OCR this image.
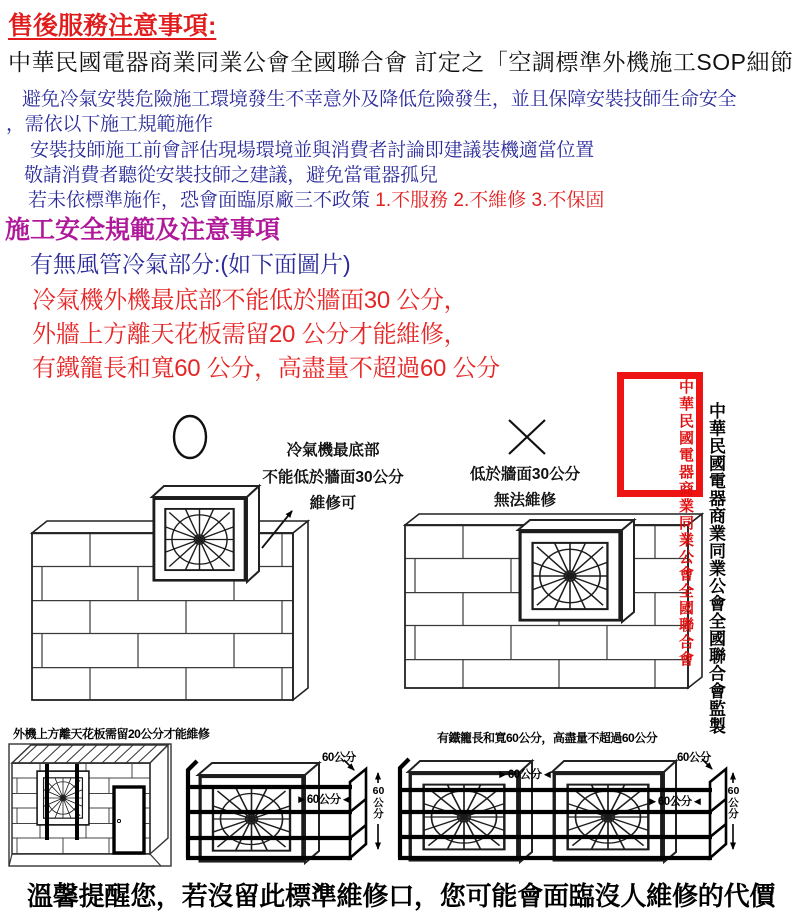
售後服務注意事項:
中華民國電器商業同業公會全國聯合會 訂定之「空調標準外機施工SOP細節
避免冷氣安裝危險施工環境發生不幸意外及降低危險發生，並且保障安裝技師生命安全
，需依以下施工規範施作
安裝技師施工前會評估現場環境並與消費者討論即建議裝機適當位置
敬請消費者聽從安裝技師之建議，避免當電器孤兒
若未依標準施作，恐會面臨原廠三不政策 1.不服務 2.不維修 3.不保固
施工安全規範及注意事項
有無風管冷氣部分:(如下面圖片)
冷氣機外機最底部不能低於牆面30 公分，
外牆上方離天花板需留20 公分才能維修，
有鐵籠長和寬60 公分，高盡量不超過60 公分
冷氣機最底部
不能低於牆面30公分
維修可
低於牆面30公分
無法維修
中華民國電器商業同業公會全國聯合會 中華民國電器商業同業公會全國聯合會監製
外機上方離天花板需留20公分才能維修	有鐵籠長和寬60公分，高盡量不超過60公分
60公分
►60公分◄
60公分
►60公分◄
►60公分◄
60公分
60公分
溫馨提醒您，若沒留此標準維修口，您可能會面臨沒人維修的代價
